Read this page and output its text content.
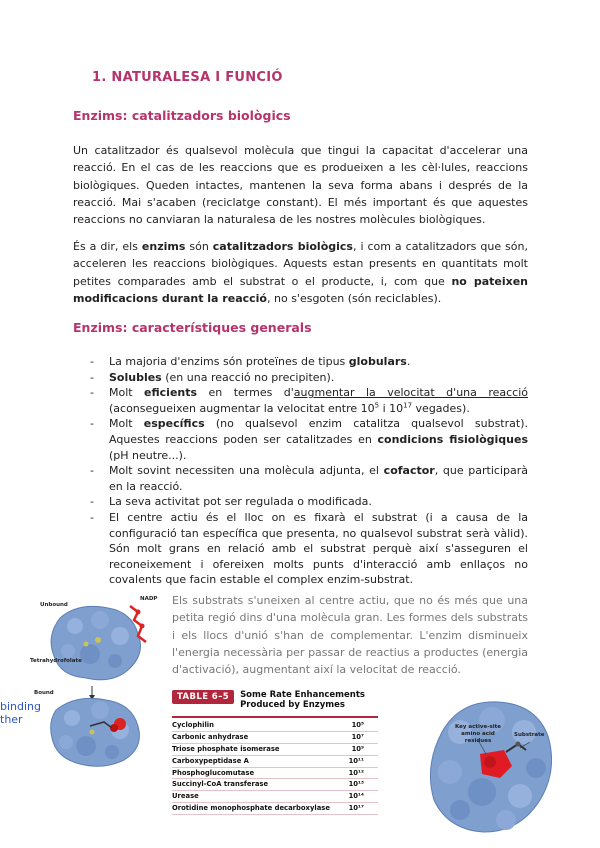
1. NATURALESA I FUNCIÓ
Enzims: catalitzadors biològics
Un catalitzador és qualsevol molècula que tingui la capacitat d'accelerar una reacció. En el cas de les reaccions que es produeixen a les cèl·lules, reaccions biològiques. Queden intactes, mantenen la seva forma abans i després de la reacció. Mai s'acaben (reciclatge constant). El més important és que aquestes reaccions no canviaran la naturalesa de les nostres molècules biològiques.
És a dir, els enzims són catalitzadors biològics, i com a catalitzadors que són, acceleren les reaccions biològiques. Aquests estan presents en quantitats molt petites comparades amb el substrat o el producte, i, com que no pateixen modificacions durant la reacció, no s'esgoten (són reciclables).
Enzims: característiques generals
- La majoria d'enzims són proteïnes de tipus globulars.
- Solubles (en una reacció no precipiten).
- Molt eficients en termes d'augmentar la velocitat d'una reacció (aconsegueixen augmentar la velocitat entre $10^5$ i $10^{17}$ vegades).
- Molt específics (no qualsevol enzim catalitza qualsevol substrat). Aquestes reaccions poden ser catalitzades en condicions fisiològiques (pH neutre...).
- Molt sovint necessiten una molècula adjunta, el cofactor, que participarà en la reacció.
- La seva activitat pot ser regulada o modificada.
- El centre actiu és el lloc on es fixarà el substrat (i a causa de la configuració tan específica que presenta, no qualsevol substrat serà vàlid). Són molt grans en relació amb el substrat perquè així s'asseguren el reconeixement i ofereixen molts punts d'interacció amb enllaços no covalents que facin estable el complex enzim-substrat.
Unbound
NADP
Tetrahydrofolate
Bound
binding
ther
Els substrats s'uneixen al centre actiu, que no és més que una petita regió dins d'una molècula gran. Les formes dels substrats i els llocs d'unió s'han de complementar. L'enzim disminueix l'energia necessària per passar de reactius a productes (energia d'activació), augmentant així la velocitat de reacció.
TABLE 6–5	Some Rate Enhancements
Produced by Enzymes
Cyclophilin	10⁵
Carbonic anhydrase	10⁷
Triose phosphate isomerase	10⁹
Carboxypeptidase A	10¹¹
Phosphoglucomutase	10¹²
Succinyl-CoA transferase	10¹³
Urease	10¹⁴
Orotidine monophosphate decarboxylase	10¹⁷
Key active-site amino acid residues
Substrate
